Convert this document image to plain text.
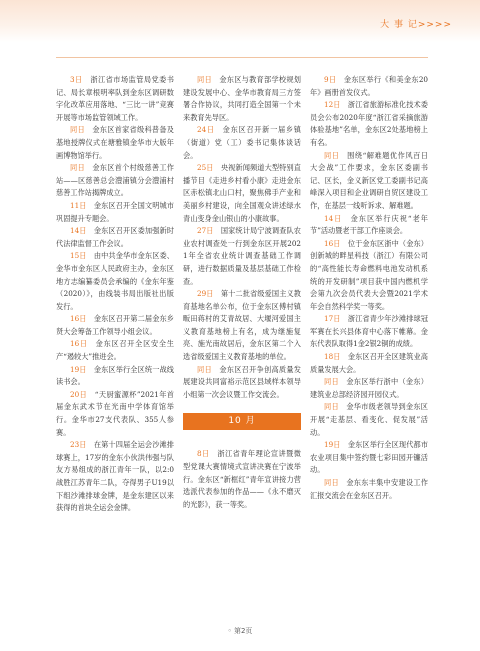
大 事 记>>>>

3日　 浙江省市场监管局党委书记、局长章根明率队到金东区调研数字化改革应用落地、“三比一讲”竞赛开展等市场监管领域工作。

同日　 金东区首家省级科普备及基地授牌仪式在塘雅镇金华市大版年画博物馆举行。

同日　 金东区首个村级慈善工作站——区慈善总会澧浦镇分会澧浦村慈善工作站揭牌成立。

11日　 金东区召开全国文明城市巩固提升专题会。

14日　 金东区召开区委加强新时代法律监督工作会议。

15日　 由中共金华市金东区委、金华市金东区人民政府主办，金东区地方志编纂委员会承编的《金东年鉴（2020）》，由线装书局出版社出版发行。

16日　 金东区召开第二届金东乡贤大会筹备工作领导小组会议。

16日　 金东区召开全区安全生产“遏较大”推进会。

19日　 金东区举行全区统一战线读书会。

20日　 “天厨蜜源杯”2021年首届金东武术节在光南中学体育馆举行。金华市27支代表队、355人参赛。

23日　 在第十四届全运会沙滩排球赛上，17岁的金东小伙洪伟强与队友方易组成的浙江青年一队，以2:0战胜江苏青年二队，夺得男子U19以下组沙滩排球金牌，是金东建区以来获得的首块全运会金牌。

同日　 金东区与教育部学校规划建设发展中心、金华市教育局三方签署合作协议，共同打造全国第一个未来教育先导区。

24日　 金东区召开新一届乡镇（街道）党（工）委书记集体谈话会。

25日　 央视新闻频道大型特别直播节目《走进乡村看小康》走进金东区赤松镇北山口村，聚焦佛手产业和美丽乡村建设，向全国观众讲述绿水青山变身金山银山的小康故事。

27日　 国家统计局宁波调查队农业农村调查处一行到金东区开展2021年全省农业统计调查基础工作调研，进行数据质量及基层基础工作检查。

29日　 第十二批省级爱国主义教育基地名单公布，位于金东区傅村镇畈田蒋村的艾青故居、大堰河爱国主义教育基地榜上有名，成为继施复亮、施光南故居后，金东区第二个入选省级爱国主义教育基地的单位。

同日　 金东区召开争创高质量发展建设共同富裕示范区县域样本领导小组第一次会议暨工作交流会。

10 月

8日　 浙江省青年理论宣讲暨微型党课大赛情境式宣讲决赛在宁波举行。金东区“新框红”青年宣讲接力营选派代表参加的作品——《永不磨灭的光影》，获一等奖。

9日　 金东区举行《和美金东20年》画册首发仪式。

12日　 浙江省旅游标准化技术委员会公布2020年度“浙江省采摘旅游体验基地”名单，金东区2处基地榜上有名。

同日　 围绕“解难题优作风百日大会战”工作要求，金东区委副书记、区长，金义新区党工委副书记高峰深入项目和企业调研自贸区建设工作，在基层一线听诉求、解难题。

14日　 金东区举行庆祝“老年节”活动暨老干部工作座谈会。

16日　 位于金东区浙中（金东）创新城的畔星科技（浙江）有限公司的“高性能长寿命燃料电池发动机系统的开发研制”项目获中国内燃机学会第九次会员代表大会暨2021学术年会自然科学奖一等奖。

17日　 浙江省青少年沙滩排球冠军赛在长兴县体育中心落下帷幕。金东代表队取得1金2银2铜的成绩。

18日　 金东区召开全区建筑业高质量发展大会。

同日　 金东区举行浙中（金东）建筑业总部经济园开园仪式。

同日　 金华市级老领导到金东区开展“走基层、看变化、促发展”活动。

19日　 金东区举行全区现代都市农业项目集中签约暨七彩田园开镰活动。

同日　 金东东丰集中安建设工作汇报交流会在金东区召开。

◦ 第2页
